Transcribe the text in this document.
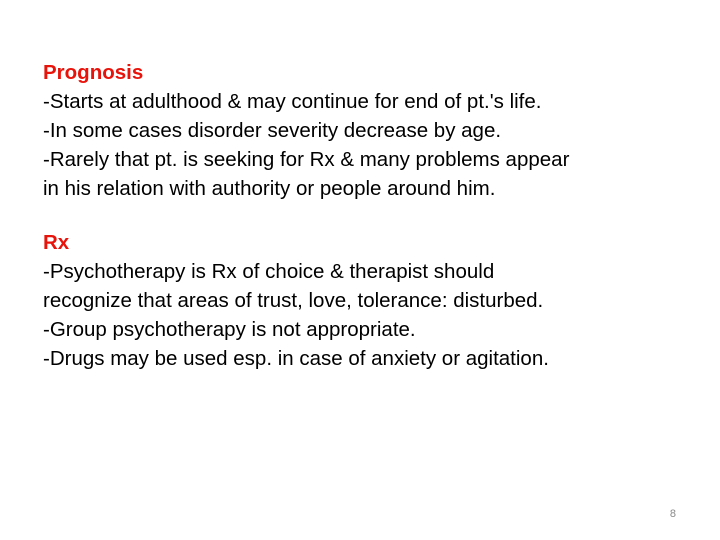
Prognosis
-Starts at adulthood & may continue for end of pt.'s life.
-In some cases disorder severity decrease by age.
-Rarely that pt. is seeking for Rx & many problems appear
in his relation with authority or people around him.
Rx
-Psychotherapy is Rx of choice & therapist should
recognize that areas of trust, love, tolerance: disturbed.
-Group psychotherapy is not appropriate.
-Drugs may be used esp. in case of anxiety or agitation.
8
